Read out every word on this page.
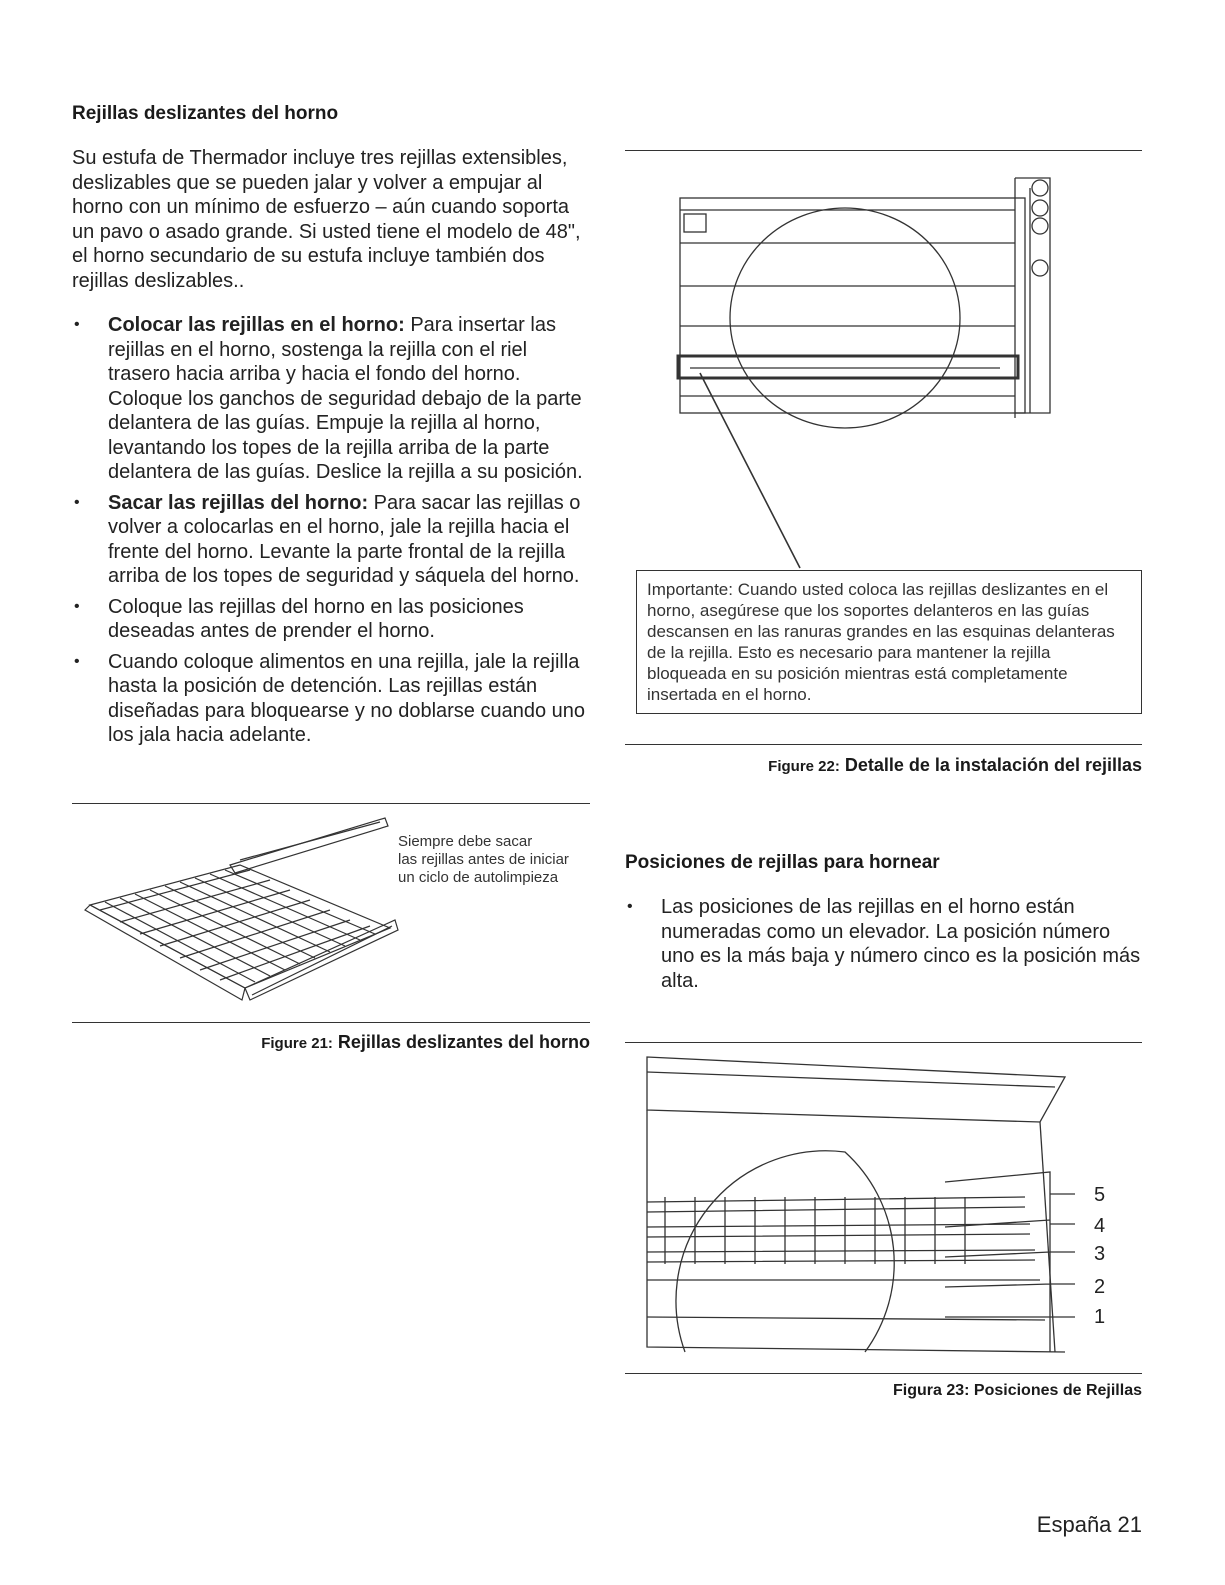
Rejillas deslizantes del horno
Su estufa de Thermador incluye tres rejillas extensibles, deslizables que se pueden jalar y volver a empujar al horno con un mínimo de esfuerzo – aún cuando soporta un pavo o asado grande. Si usted tiene el modelo de 48", el horno secundario de su estufa incluye también dos rejillas deslizables..
• Colocar las rejillas en el horno: Para insertar las rejillas en el horno, sostenga la rejilla con el riel trasero hacia arriba y hacia el fondo del horno. Coloque los ganchos de seguridad debajo de la parte delantera de las guías. Empuje la rejilla al horno, levantando los topes de la rejilla arriba de la parte delantera de las guías. Deslice la rejilla a su posición.
• Sacar las rejillas del horno: Para sacar las rejillas o volver a colocarlas en el horno, jale la rejilla hacia el frente del horno. Levante la parte frontal de la rejilla arriba de los topes de seguridad y sáquela del horno.
• Coloque las rejillas del horno en las posiciones deseadas antes de prender el horno.
• Cuando coloque alimentos en una rejilla, jale la rejilla hasta la posición de detención. Las rejillas están diseñadas para bloquearse y no doblarse cuando uno los jala hacia adelante.
Siempre debe sacar
las rejillas antes de iniciar
un ciclo de autolimpieza
Figure 21: Rejillas deslizantes del horno
Importante: Cuando usted coloca las rejillas deslizantes en el horno, asegúrese que los soportes delanteros en las guías descansen en las ranuras grandes en las esquinas delanteras de la rejilla. Esto es necesario para mantener la rejilla bloqueada en su posición mientras está completamente insertada en el horno.
Figure 22: Detalle de la instalación del rejillas
Posiciones de rejillas para hornear
• Las posiciones de las rejillas en el horno están numeradas como un elevador. La posición número uno es la más baja y número cinco es la posición más alta.
5
4
3
2
1
Figura 23: Posiciones de Rejillas
España 21
